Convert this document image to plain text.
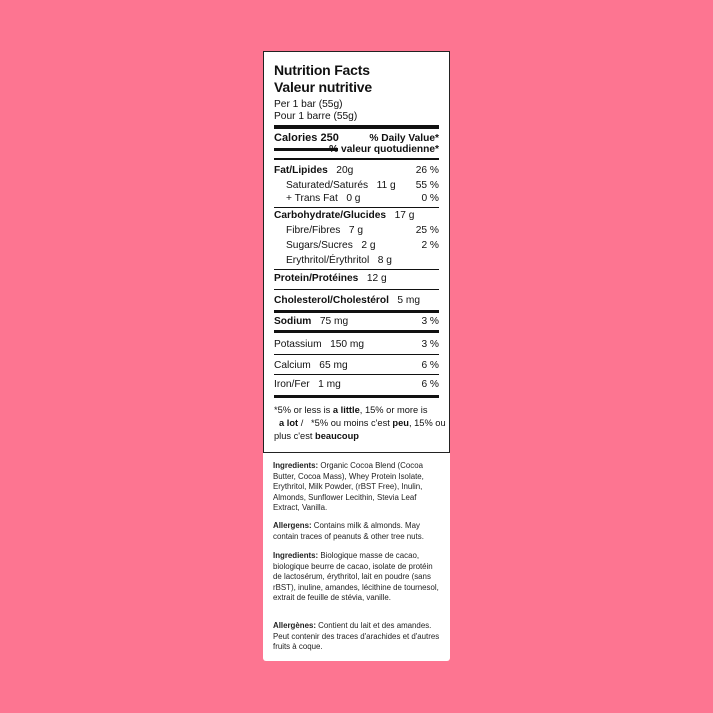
Nutrition Facts
Valeur nutritive
Per 1 bar (55g)
Pour 1 barre (55g)
Calories 250	% Daily Value*
% valeur quotudienne*
Fat/Lipides 20g	26 %
Saturated/Saturés 11 g 55 %
+ Trans Fat 0 g	0 %
Carbohydrate/Glucides 17 g
Fibre/Fibres 7 g	25 %
Sugars/Sucres 2 g	2 %
Erythritol/Érythritol 8 g
Protein/Protéines 12 g
Cholesterol/Cholestérol 5 mg
Sodium 75 mg	3 %
Potassium 150 mg	3 %
Calcium 65 mg	6 %
Iron/Fer 1 mg	6 %
*5% or less is a little, 15% or more is
a lot /   *5% ou moins c'est peu, 15% ou
plus c'est beaucoup
Ingredients: Organic Cocoa Blend (Cocoa Butter, Cocoa Mass), Whey Protein Isolate, Erythritol, Milk Powder, (rBST Free), Inulin, Almonds, Sunflower Lecithin, Stevia Leaf Extract, Vanilla.
Allergens: Contains milk & almonds. May contain traces of peanuts & other tree nuts.
Ingredients: Biologique masse de cacao, biologique beurre de cacao, isolate de protéin de lactosérum, érythritol, lait en poudre (sans rBST), inuline, amandes, lécithine de tournesol, extrait de feuille de stévia, vanille.
Allergènes: Contient du lait et des amandes. Peut contenir des traces d'arachides et d'autres fruits à coque.
